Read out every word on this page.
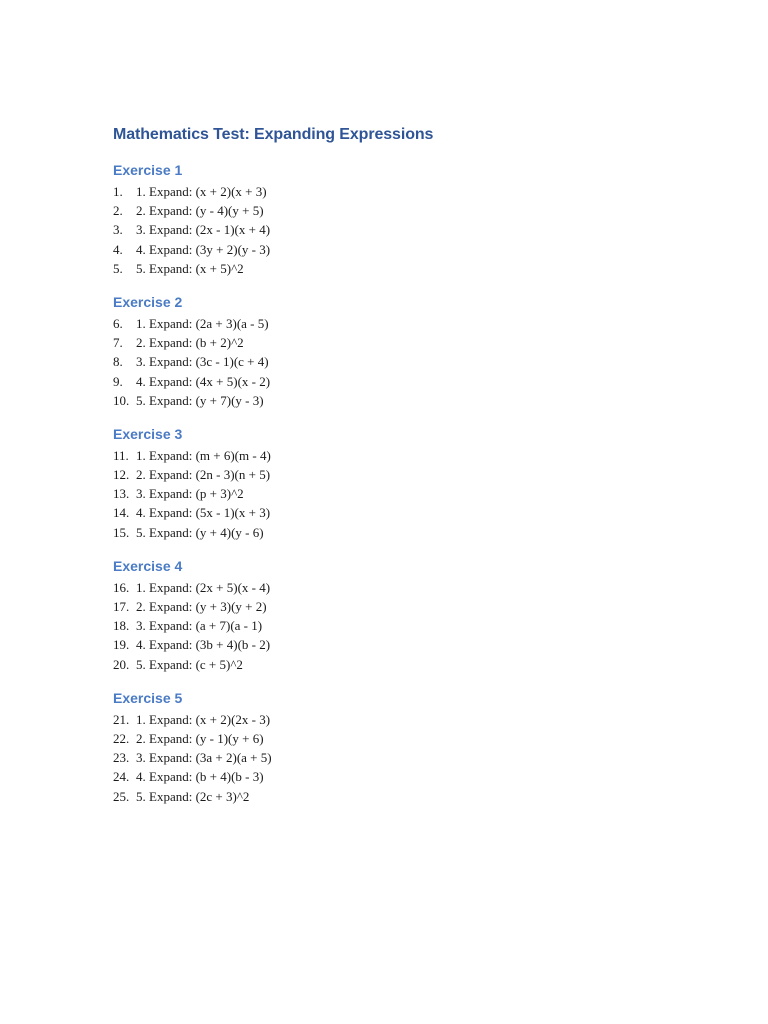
Mathematics Test: Expanding Expressions
Exercise 1
1. 1. Expand: (x + 2)(x + 3)
2. 2. Expand: (y - 4)(y + 5)
3. 3. Expand: (2x - 1)(x + 4)
4. 4. Expand: (3y + 2)(y - 3)
5. 5. Expand: (x + 5)^2
Exercise 2
6. 1. Expand: (2a + 3)(a - 5)
7. 2. Expand: (b + 2)^2
8. 3. Expand: (3c - 1)(c + 4)
9. 4. Expand: (4x + 5)(x - 2)
10. 5. Expand: (y + 7)(y - 3)
Exercise 3
11. 1. Expand: (m + 6)(m - 4)
12. 2. Expand: (2n - 3)(n + 5)
13. 3. Expand: (p + 3)^2
14. 4. Expand: (5x - 1)(x + 3)
15. 5. Expand: (y + 4)(y - 6)
Exercise 4
16. 1. Expand: (2x + 5)(x - 4)
17. 2. Expand: (y + 3)(y + 2)
18. 3. Expand: (a + 7)(a - 1)
19. 4. Expand: (3b + 4)(b - 2)
20. 5. Expand: (c + 5)^2
Exercise 5
21. 1. Expand: (x + 2)(2x - 3)
22. 2. Expand: (y - 1)(y + 6)
23. 3. Expand: (3a + 2)(a + 5)
24. 4. Expand: (b + 4)(b - 3)
25. 5. Expand: (2c + 3)^2
